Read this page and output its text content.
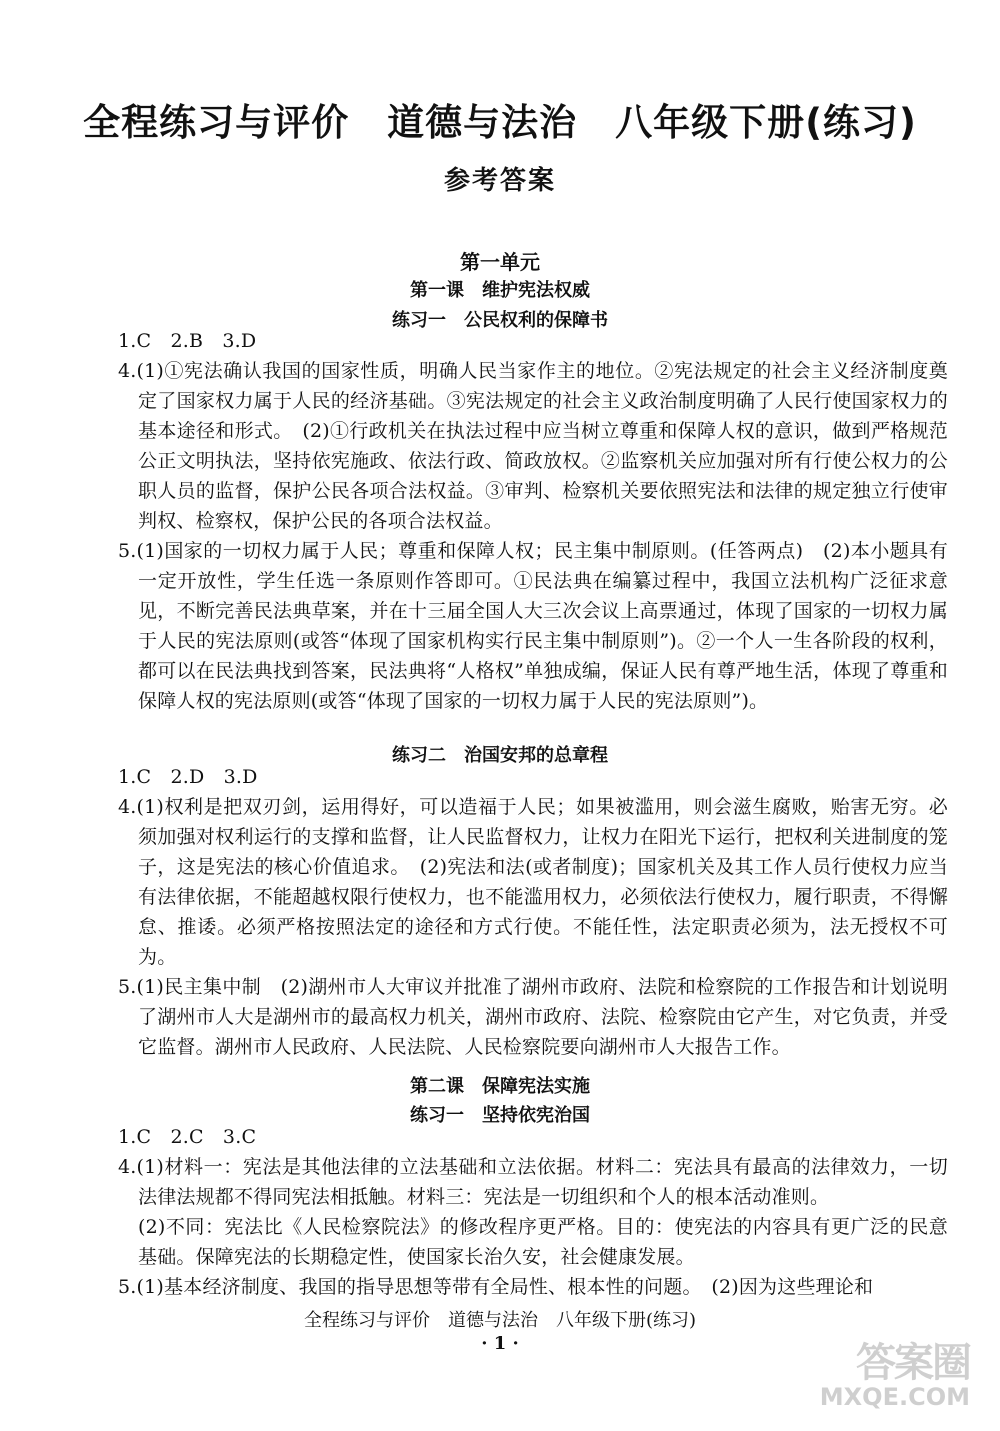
全程练习与评价　道德与法治　八年级下册(练习)
参考答案
第一单元
第一课　维护宪法权威
练习一　公民权利的保障书
1.C　2.B　3.D
4.(1)①宪法确认我国的国家性质，明确人民当家作主的地位。②宪法规定的社会主义经济制度奠定了国家权力属于人民的经济基础。③宪法规定的社会主义政治制度明确了人民行使国家权力的基本途径和形式。　(2)①行政机关在执法过程中应当树立尊重和保障人权的意识，做到严格规范公正文明执法，坚持依宪施政、依法行政、简政放权。②监察机关应加强对所有行使公权力的公职人员的监督，保护公民各项合法权益。③审判、检察机关要依照宪法和法律的规定独立行使审判权、检察权，保护公民的各项合法权益。
5.(1)国家的一切权力属于人民；尊重和保障人权；民主集中制原则。(任答两点)　(2)本小题具有一定开放性，学生任选一条原则作答即可。①民法典在编纂过程中，我国立法机构广泛征求意见，不断完善民法典草案，并在十三届全国人大三次会议上高票通过，体现了国家的一切权力属于人民的宪法原则(或答“体现了国家机构实行民主集中制原则”)。②一个人一生各阶段的权利，都可以在民法典找到答案，民法典将“人格权”单独成编，保证人民有尊严地生活，体现了尊重和保障人权的宪法原则(或答“体现了国家的一切权力属于人民的宪法原则”)。
练习二　治国安邦的总章程
1.C　2.D　3.D
4.(1)权利是把双刃剑，运用得好，可以造福于人民；如果被滥用，则会滋生腐败，贻害无穷。必须加强对权利运行的支撑和监督，让人民监督权力，让权力在阳光下运行，把权利关进制度的笼子，这是宪法的核心价值追求。　(2)宪法和法(或者制度)；国家机关及其工作人员行使权力应当有法律依据，不能超越权限行使权力，也不能滥用权力，必须依法行使权力，履行职责，不得懈怠、推诿。必须严格按照法定的途径和方式行使。不能任性，法定职责必须为，法无授权不可为。
5.(1)民主集中制　(2)湖州市人大审议并批准了湖州市政府、法院和检察院的工作报告和计划说明了湖州市人大是湖州市的最高权力机关，湖州市政府、法院、检察院由它产生，对它负责，并受它监督。湖州市人民政府、人民法院、人民检察院要向湖州市人大报告工作。
第二课　保障宪法实施
练习一　坚持依宪治国
1.C　2.C　3.C
4.(1)材料一：宪法是其他法律的立法基础和立法依据。材料二：宪法具有最高的法律效力，一切法律法规都不得同宪法相抵触。材料三：宪法是一切组织和个人的根本活动准则。
(2)不同：宪法比《人民检察院法》的修改程序更严格。目的：使宪法的内容具有更广泛的民意基础。保障宪法的长期稳定性，使国家长治久安，社会健康发展。
5.(1)基本经济制度、我国的指导思想等带有全局性、根本性的问题。　(2)因为这些理论和
全程练习与评价　道德与法治　八年级下册(练习)
· 1 ·	答案圈
MXQE.COM
